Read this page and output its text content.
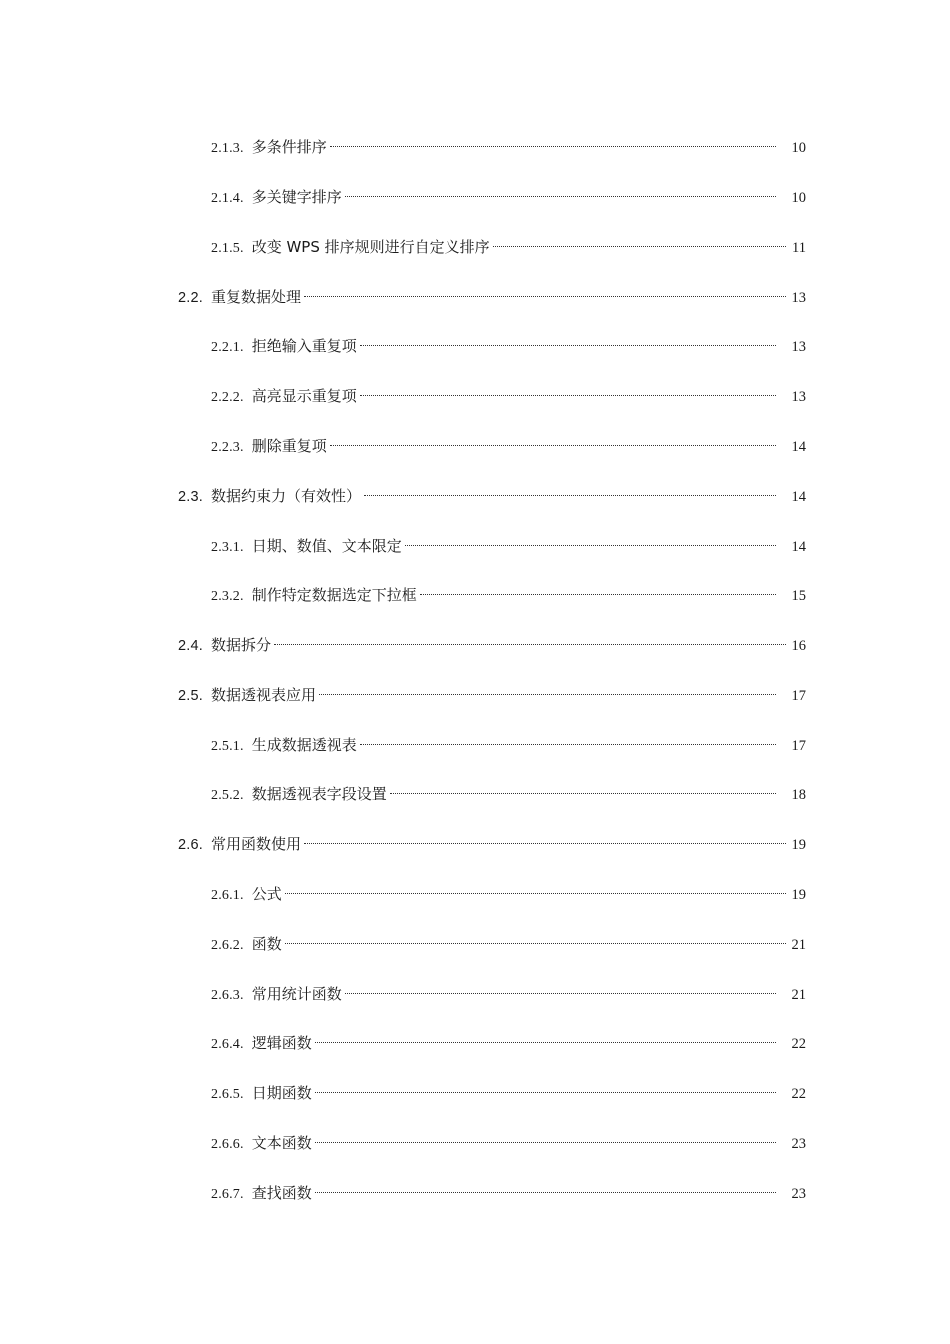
2.1.3. 多条件排序	10
2.1.4. 多关键字排序	10
2.1.5. 改变 WPS 排序规则进行自定义排序	11
2.2. 重复数据处理	13
2.2.1. 拒绝输入重复项	13
2.2.2. 高亮显示重复项	13
2.2.3. 删除重复项	14
2.3. 数据约束力（有效性）	14
2.3.1. 日期、数值、文本限定	14
2.3.2. 制作特定数据选定下拉框	15
2.4. 数据拆分	16
2.5. 数据透视表应用	17
2.5.1. 生成数据透视表	17
2.5.2. 数据透视表字段设置	18
2.6. 常用函数使用	19
2.6.1. 公式	19
2.6.2. 函数	21
2.6.3. 常用统计函数	21
2.6.4. 逻辑函数	22
2.6.5. 日期函数	22
2.6.6. 文本函数	23
2.6.7. 查找函数	23
